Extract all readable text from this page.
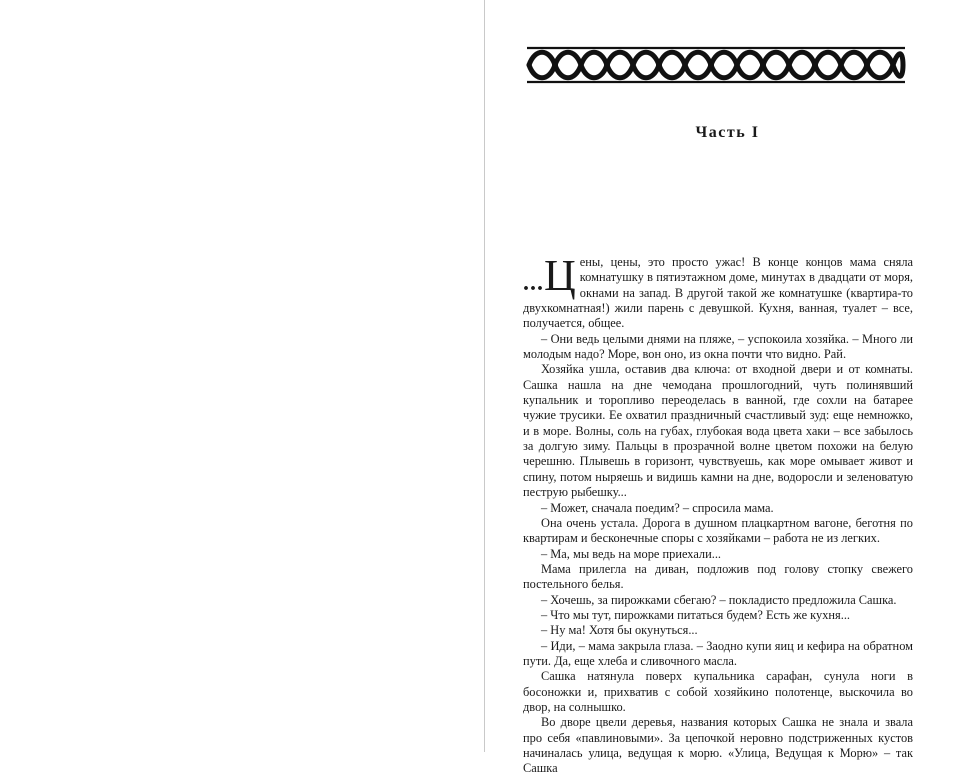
Часть I

...Ц ены, цены, это просто ужас! В конце концов мама сняла комнатушку в пятиэтажном доме, минутах в двадцати от моря, окнами на запад. В другой такой же комнатушке (квартира-то двухкомнатная!) жили парень с девушкой. Кухня, ванная, туалет – все, получается, общее.

– Они ведь целыми днями на пляже, – успокоила хозяйка. – Много ли молодым надо? Море, вон оно, из окна почти что видно. Рай.

Хозяйка ушла, оставив два ключа: от входной двери и от комнаты. Сашка нашла на дне чемодана прошлогодний, чуть полинявший купальник и торопливо переоделась в ванной, где сохли на батарее чужие трусики. Ее охватил праздничный счастливый зуд: еще немножко, и в море. Волны, соль на губах, глубокая вода цвета хаки – все забылось за долгую зиму. Пальцы в прозрачной волне цветом похожи на белую черешню. Плывешь в горизонт, чувствуешь, как море омывает живот и спину, потом ныряешь и видишь камни на дне, водоросли и зеленоватую пеструю рыбешку...

– Может, сначала поедим? – спросила мама.

Она очень устала. Дорога в душном плацкартном вагоне, беготня по квартирам и бесконечные споры с хозяйками – работа не из легких.

– Ма, мы ведь на море приехали...

Мама прилегла на диван, подложив под голову стопку свежего постельного белья.

– Хочешь, за пирожками сбегаю? – покладисто предложила Сашка.

– Что мы тут, пирожками питаться будем? Есть же кухня...

– Ну ма! Хотя бы окунуться...

– Иди, – мама закрыла глаза. – Заодно купи яиц и кефира на обратном пути. Да, еще хлеба и сливочного масла.

Сашка натянула поверх купальника сарафан, сунула ноги в босоножки и, прихватив с собой хозяйкино полотенце, выскочила во двор, на солнышко.

Во дворе цвели деревья, названия которых Сашка не знала и звала про себя «павлиновыми». За цепочкой неровно подстриженных кустов начиналась улица, ведущая к морю. «Улица, Ведущая к Морю» – так Сашка
